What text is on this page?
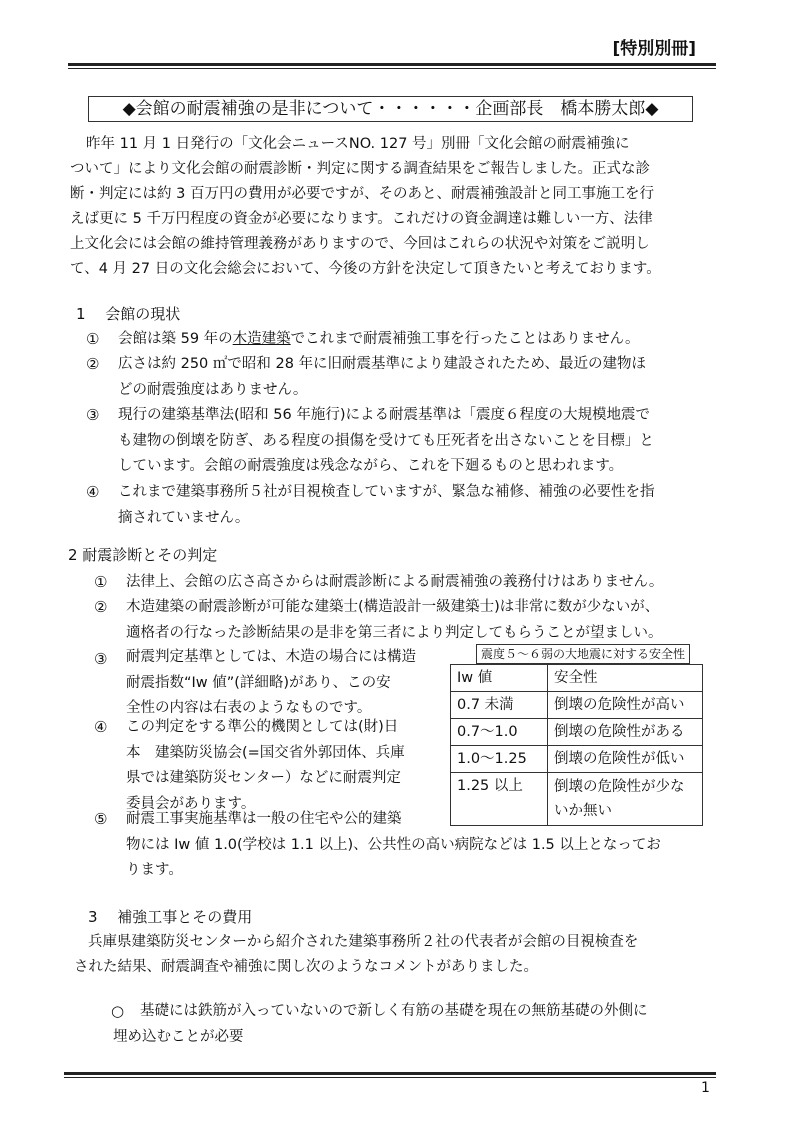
[特別別冊]
◆会館の耐震補強の是非について・・・・・・企画部長　橋本勝太郎◆
昨年 11 月 1 日発行の「文化会ニュースNO. 127 号」別冊「文化会館の耐震補強に
ついて」により文化会館の耐震診断・判定に関する調査結果をご報告しました。正式な診
断・判定には約 3 百万円の費用が必要ですが、そのあと、耐震補強設計と同工事施工を行
えば更に 5 千万円程度の資金が必要になります。これだけの資金調達は難しい一方、法律
上文化会には会館の維持管理義務がありますので、今回はこれらの状況や対策をご説明し
て、4 月 27 日の文化会総会において、今後の方針を決定して頂きたいと考えております。
1　 会館の現状
① 会館は築 59 年の木造建築でこれまで耐震補強工事を行ったことはありません。
② 広さは約 250 ㎡で昭和 28 年に旧耐震基準により建設されたため、最近の建物ほ
どの耐震強度はありません。
③ 現行の建築基準法(昭和 56 年施行)による耐震基準は「震度６程度の大規模地震で
も建物の倒壊を防ぎ、ある程度の損傷を受けても圧死者を出さないことを目標」と
しています。会館の耐震強度は残念ながら、これを下廻るものと思われます。
④ これまで建築事務所５社が目視検査していますが、緊急な補修、補強の必要性を指
摘されていません。
2 耐震診断とその判定
① 法律上、会館の広さ高さからは耐震診断による耐震補強の義務付けはありません。
② 木造建築の耐震診断が可能な建築士(構造設計一級建築士)は非常に数が少ないが、
適格者の行なった診断結果の是非を第三者により判定してもらうことが望ましい。
③ 耐震判定基準としては、木造の場合には構造
耐震指数“Iw 値”(詳細略)があり、この安
全性の内容は右表のようなものです。
④ この判定をする準公的機関としては(財)日
本　建築防災協会(=国交省外郭団体、兵庫
県では建築防災センター）などに耐震判定
委員会があります。
⑤ 耐震工事実施基準は一般の住宅や公的建築
物には Iw 値 1.0(学校は 1.1 以上)、公共性の高い病院などは 1.5 以上となってお
ります。
震度５～６弱の大地震に対する安全性
Iw 値	安全性
0.7 未満	倒壊の危険性が高い
0.7～1.0	倒壊の危険性がある
1.0～1.25	倒壊の危険性が低い
1.25 以上	倒壊の危険性が少な
いか無い
3　 補強工事とその費用
兵庫県建築防災センターから紹介された建築事務所２社の代表者が会館の目視検査を
された結果、耐震調査や補強に関し次のようなコメントがありました。
○ 基礎には鉄筋が入っていないので新しく有筋の基礎を現在の無筋基礎の外側に
埋め込むことが必要
1
